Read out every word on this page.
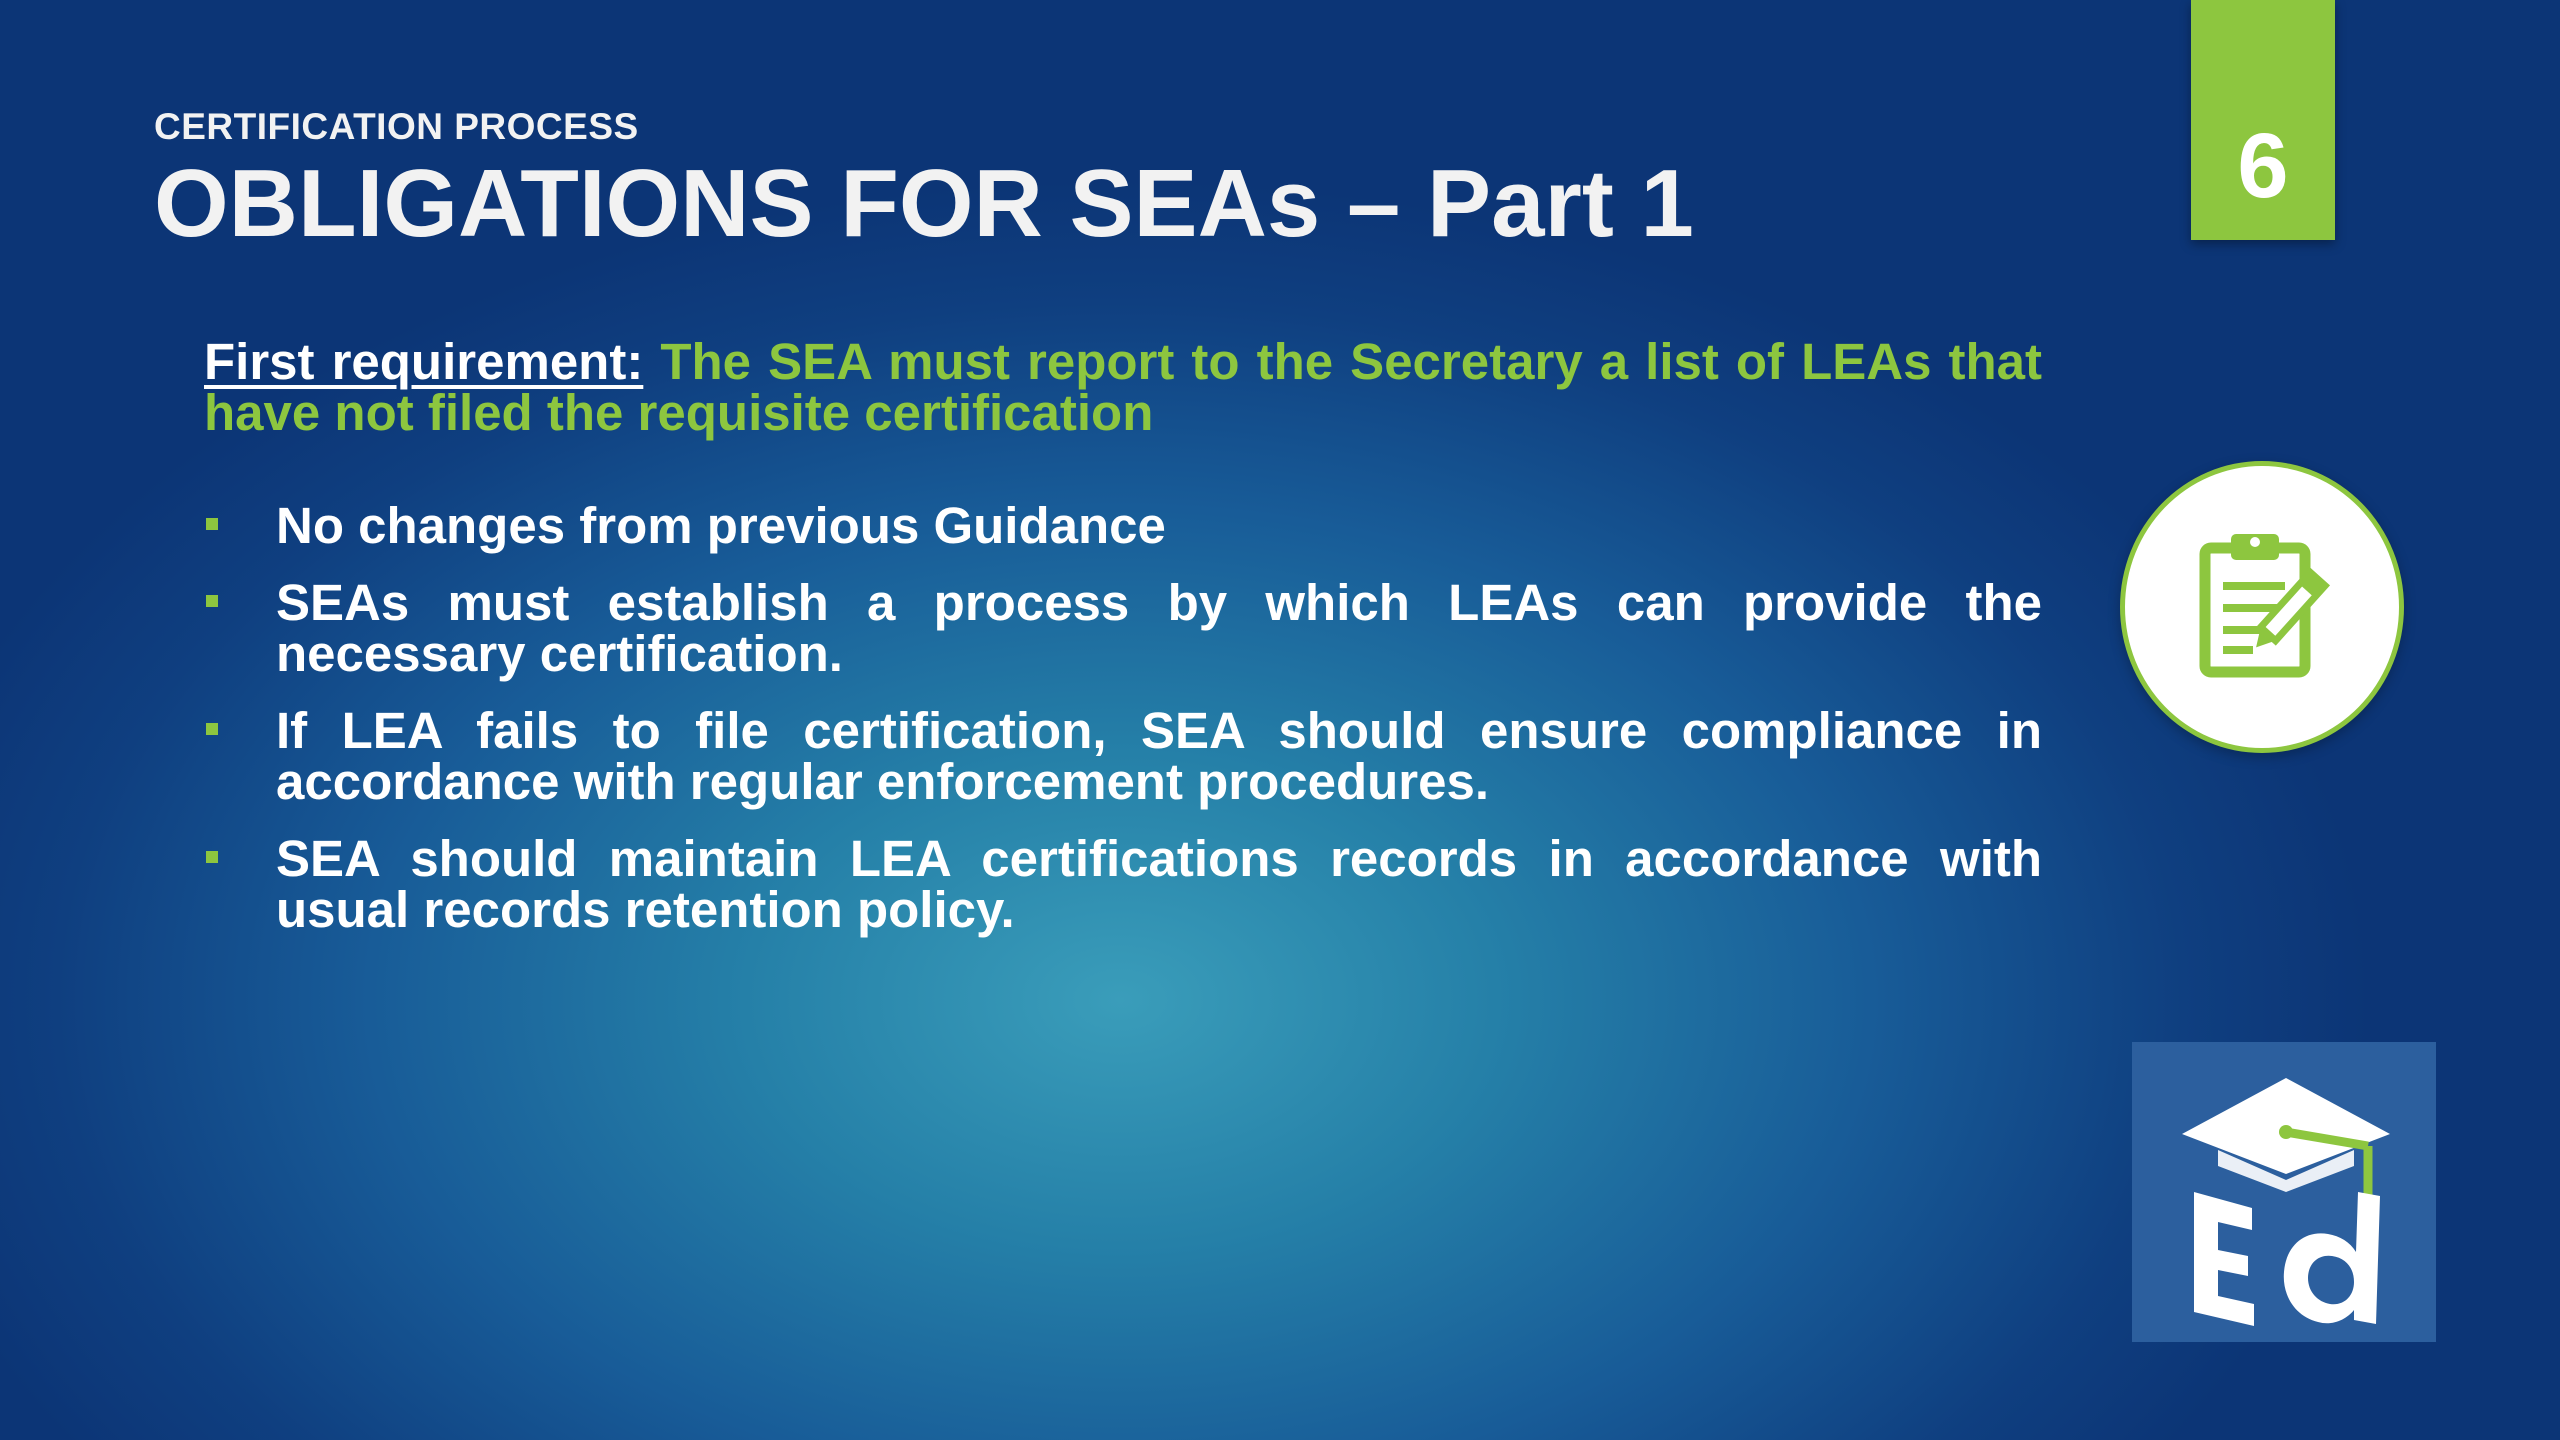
CERTIFICATION PROCESS
OBLIGATIONS FOR SEAs – Part 1	6

First requirement: The SEA must report to the Secretary a list of LEAs that have not filed the requisite certification

No changes from previous Guidance
SEAs must establish a process by which LEAs can provide the necessary certification.
If LEA fails to file certification, SEA should ensure compliance in accordance with regular enforcement procedures.
SEA should maintain LEA certifications records in accordance with usual records retention policy.
